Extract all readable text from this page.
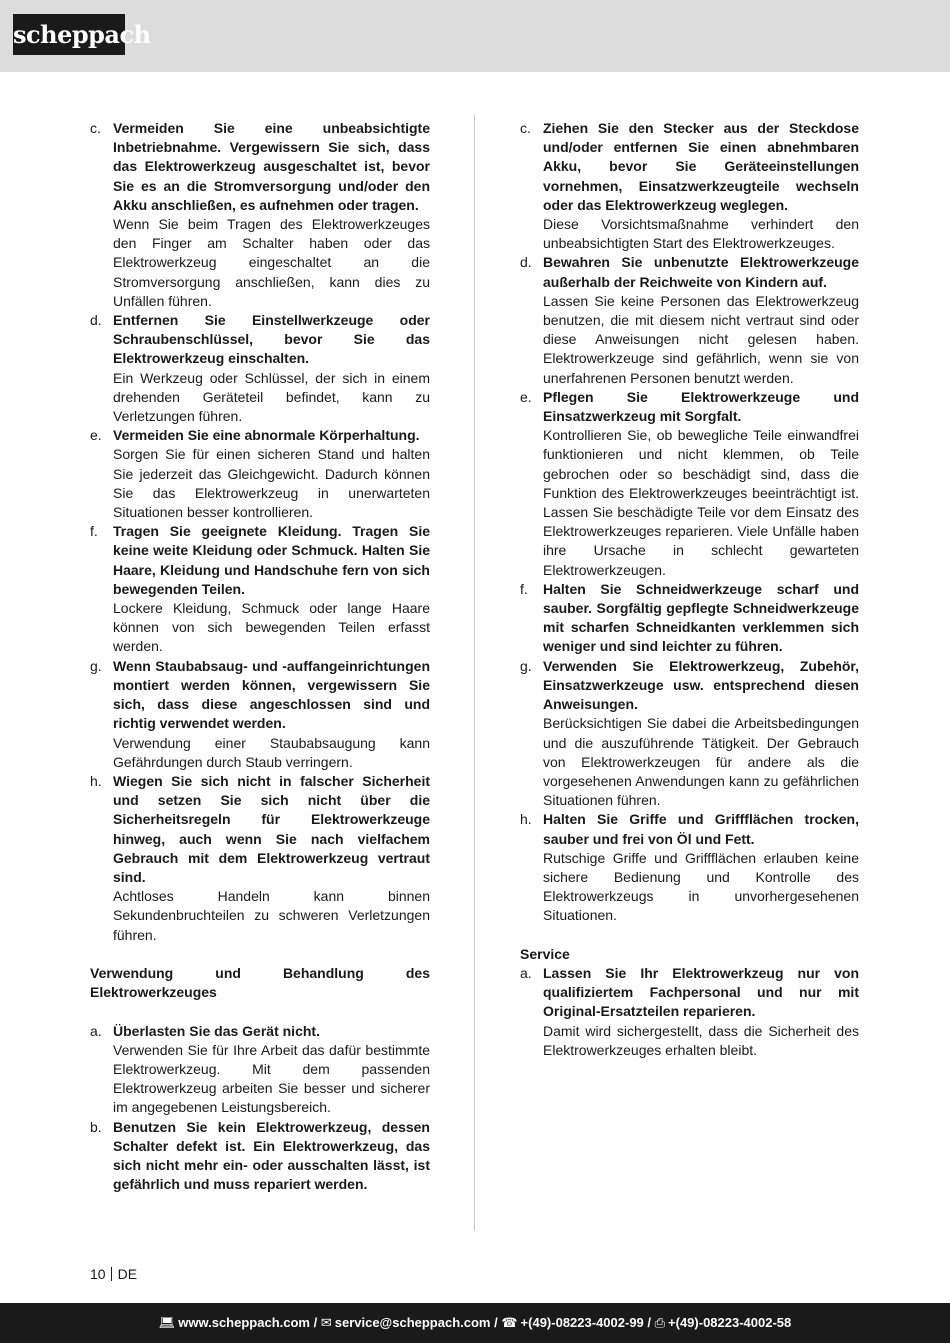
scheppach
c. Vermeiden Sie eine unbeabsichtigte Inbetriebnahme. Vergewissern Sie sich, dass das Elektrowerkzeug ausgeschaltet ist, bevor Sie es an die Stromversorgung und/oder den Akku anschließen, es aufnehmen oder tragen.
Wenn Sie beim Tragen des Elektrowerkzeuges den Finger am Schalter haben oder das Elektrowerkzeug eingeschaltet an die Stromversorgung anschließen, kann dies zu Unfällen führen.
d. Entfernen Sie Einstellwerkzeuge oder Schraubenschlüssel, bevor Sie das Elektrowerkzeug einschalten.
Ein Werkzeug oder Schlüssel, der sich in einem drehenden Geräteteil befindet, kann zu Verletzungen führen.
e. Vermeiden Sie eine abnormale Körperhaltung.
Sorgen Sie für einen sicheren Stand und halten Sie jederzeit das Gleichgewicht. Dadurch können Sie das Elektrowerkzeug in unerwarteten Situationen besser kontrollieren.
f. Tragen Sie geeignete Kleidung. Tragen Sie keine weite Kleidung oder Schmuck. Halten Sie Haare, Kleidung und Handschuhe fern von sich bewegenden Teilen.
Lockere Kleidung, Schmuck oder lange Haare können von sich bewegenden Teilen erfasst werden.
g. Wenn Staubabsaug- und -auffangeinrichtungen montiert werden können, vergewissern Sie sich, dass diese angeschlossen sind und richtig verwendet werden.
Verwendung einer Staubabsaugung kann Gefährdungen durch Staub verringern.
h. Wiegen Sie sich nicht in falscher Sicherheit und setzen Sie sich nicht über die Sicherheitsregeln für Elektrowerkzeuge hinweg, auch wenn Sie nach vielfachem Gebrauch mit dem Elektrowerkzeug vertraut sind.
Achtloses Handeln kann binnen Sekundenbruchteilen zu schweren Verletzungen führen.
Verwendung und Behandlung des Elektrowerkzeuges
a. Überlasten Sie das Gerät nicht.
Verwenden Sie für Ihre Arbeit das dafür bestimmte Elektrowerkzeug. Mit dem passenden Elektrowerkzeug arbeiten Sie besser und sicherer im angegebenen Leistungsbereich.
b. Benutzen Sie kein Elektrowerkzeug, dessen Schalter defekt ist. Ein Elektrowerkzeug, das sich nicht mehr ein- oder ausschalten lässt, ist gefährlich und muss repariert werden.
c. Ziehen Sie den Stecker aus der Steckdose und/oder entfernen Sie einen abnehmbaren Akku, bevor Sie Geräteeinstellungen vornehmen, Einsatzwerkzeugteile wechseln oder das Elektrowerkzeug weglegen.
Diese Vorsichtsmaßnahme verhindert den unbeabsichtigten Start des Elektrowerkzeuges.
d. Bewahren Sie unbenutzte Elektrowerkzeuge außerhalb der Reichweite von Kindern auf.
Lassen Sie keine Personen das Elektrowerkzeug benutzen, die mit diesem nicht vertraut sind oder diese Anweisungen nicht gelesen haben. Elektrowerkzeuge sind gefährlich, wenn sie von unerfahrenen Personen benutzt werden.
e. Pflegen Sie Elektrowerkzeuge und Einsatzwerkzeug mit Sorgfalt.
Kontrollieren Sie, ob bewegliche Teile einwandfrei funktionieren und nicht klemmen, ob Teile gebrochen oder so beschädigt sind, dass die Funktion des Elektrowerkzeuges beeinträchtigt ist. Lassen Sie beschädigte Teile vor dem Einsatz des Elektrowerkzeuges reparieren. Viele Unfälle haben ihre Ursache in schlecht gewarteten Elektrowerkzeugen.
f. Halten Sie Schneidwerkzeuge scharf und sauber. Sorgfältig gepflegte Schneidwerkzeuge mit scharfen Schneidkanten verklemmen sich weniger und sind leichter zu führen.
g. Verwenden Sie Elektrowerkzeug, Zubehör, Einsatzwerkzeuge usw. entsprechend diesen Anweisungen.
Berücksichtigen Sie dabei die Arbeitsbedingungen und die auszuführende Tätigkeit. Der Gebrauch von Elektrowerkzeugen für andere als die vorgesehenen Anwendungen kann zu gefährlichen Situationen führen.
h. Halten Sie Griffe und Griffflächen trocken, sauber und frei von Öl und Fett.
Rutschige Griffe und Griffflächen erlauben keine sichere Bedienung und Kontrolle des Elektrowerkzeugs in unvorhergesehenen Situationen.
Service
a. Lassen Sie Ihr Elektrowerkzeug nur von qualifiziertem Fachpersonal und nur mit Original-Ersatzteilen reparieren.
Damit wird sichergestellt, dass die Sicherheit des Elektrowerkzeuges erhalten bleibt.
10 DE
💻︎ www.scheppach.com / ✉︎ service@scheppach.com / ☎︎ +(49)-08223-4002-99 / ⎙ +(49)-08223-4002-58
